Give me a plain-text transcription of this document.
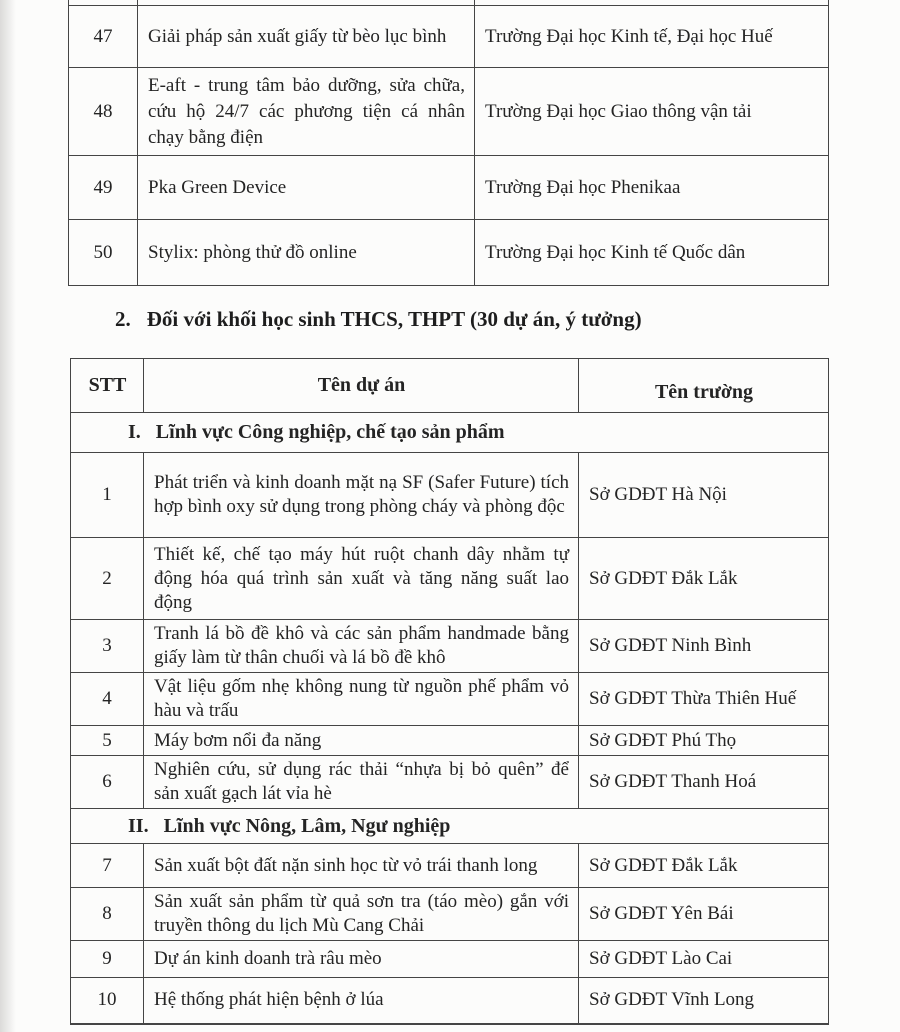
47	Giải pháp sản xuất giấy từ bèo lục bình	Trường Đại học Kinh tế, Đại học Huế
48	E-aft - trung tâm bảo dưỡng, sửa chữa, cứu hộ 24/7 các phương tiện cá nhân chạy bằng điện	Trường Đại học Giao thông vận tải
49	Pka Green Device	Trường Đại học Phenikaa
50	Stylix: phòng thử đồ online	Trường Đại học Kinh tế Quốc dân
2. Đối với khối học sinh THCS, THPT (30 dự án, ý tưởng)
STT	Tên dự án	Tên trường
I. Lĩnh vực Công nghiệp, chế tạo sản phẩm		
1	Phát triển và kinh doanh mặt nạ SF (Safer Future) tích hợp bình oxy sử dụng trong phòng cháy và phòng độc	Sở GDĐT Hà Nội
2	Thiết kế, chế tạo máy hút ruột chanh dây nhằm tự động hóa quá trình sản xuất và tăng năng suất lao động	Sở GDĐT Đắk Lắk
3	Tranh lá bồ đề khô và các sản phẩm handmade bằng giấy làm từ thân chuối và lá bồ đề khô	Sở GDĐT Ninh Bình
4	Vật liệu gốm nhẹ không nung từ nguồn phế phẩm vỏ hàu và trấu	Sở GDĐT Thừa Thiên Huế
5	Máy bơm nổi đa năng	Sở GDĐT Phú Thọ
6	Nghiên cứu, sử dụng rác thải “nhựa bị bỏ quên” để sản xuất gạch lát vỉa hè	Sở GDĐT Thanh Hoá
II. Lĩnh vực Nông, Lâm, Ngư nghiệp		
7	Sản xuất bột đất nặn sinh học từ vỏ trái thanh long	Sở GDĐT Đắk Lắk
8	Sản xuất sản phẩm từ quả sơn tra (táo mèo) gắn với truyền thông du lịch Mù Cang Chải	Sở GDĐT Yên Bái
9	Dự án kinh doanh trà râu mèo	Sở GDĐT Lào Cai
10	Hệ thống phát hiện bệnh ở lúa	Sở GDĐT Vĩnh Long
